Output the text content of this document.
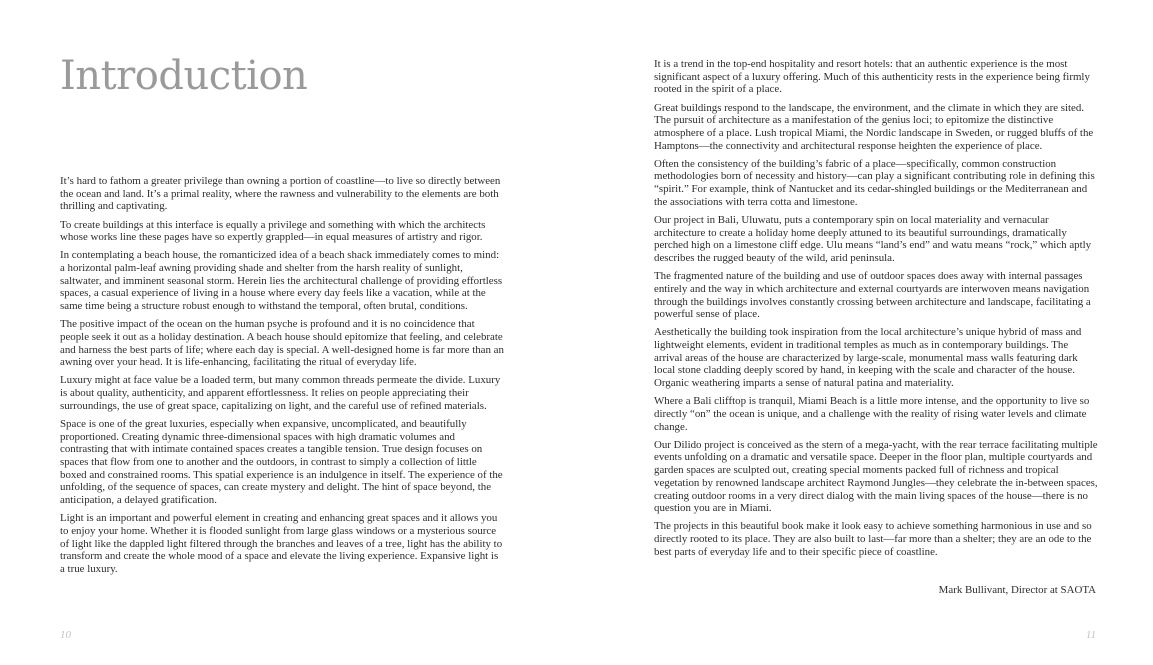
Introduction

It’s hard to fathom a greater privilege than owning a portion of coastline—to live so directly between the ocean and land. It’s a primal reality, where the rawness and vulnerability to the elements are both thrilling and captivating.

To create buildings at this interface is equally a privilege and something with which the architects whose works line these pages have so expertly grappled—in equal measures of artistry and rigor.

In contemplating a beach house, the romanticized idea of a beach shack immediately comes to mind: a horizontal palm-leaf awning providing shade and shelter from the harsh reality of sunlight, saltwater, and imminent seasonal storm. Herein lies the architectural challenge of providing effortless spaces, a casual experience of living in a house where every day feels like a vacation, while at the same time being a structure robust enough to withstand the temporal, often brutal, conditions.

The positive impact of the ocean on the human psyche is profound and it is no coincidence that people seek it out as a holiday destination. A beach house should epitomize that feeling, and celebrate and harness the best parts of life; where each day is special. A well-designed home is far more than an awning over your head. It is life-enhancing, facilitating the ritual of everyday life.

Luxury might at face value be a loaded term, but many common threads permeate the divide. Luxury is about quality, authenticity, and apparent effortlessness. It relies on people appreciating their surroundings, the use of great space, capitalizing on light, and the careful use of refined materials.

Space is one of the great luxuries, especially when expansive, uncomplicated, and beautifully proportioned. Creating dynamic three-dimensional spaces with high dramatic volumes and contrasting that with intimate contained spaces creates a tangible tension. True design focuses on spaces that flow from one to another and the outdoors, in contrast to simply a collection of little boxed and constrained rooms. This spatial experience is an indulgence in itself. The experience of the unfolding, of the sequence of spaces, can create mystery and delight. The hint of space beyond, the anticipation, a delayed gratification.

Light is an important and powerful element in creating and enhancing great spaces and it allows you to enjoy your home. Whether it is flooded sunlight from large glass windows or a mysterious source of light like the dappled light filtered through the branches and leaves of a tree, light has the ability to transform and create the whole mood of a space and elevate the living experience. Expansive light is a true luxury.

10

It is a trend in the top-end hospitality and resort hotels: that an authentic experience is the most significant aspect of a luxury offering. Much of this authenticity rests in the experience being firmly rooted in the spirit of a place.

Great buildings respond to the landscape, the environment, and the climate in which they are sited. The pursuit of architecture as a manifestation of the genius loci; to epitomize the distinctive atmosphere of a place. Lush tropical Miami, the Nordic landscape in Sweden, or rugged bluffs of the Hamptons—the connectivity and architectural response heighten the experience of place.

Often the consistency of the building’s fabric of a place—specifically, common construction methodologies born of necessity and history—can play a significant contributing role in defining this “spirit.” For example, think of Nantucket and its cedar-shingled buildings or the Mediterranean and the associations with terra cotta and limestone.

Our project in Bali, Uluwatu, puts a contemporary spin on local materiality and vernacular architecture to create a holiday home deeply attuned to its beautiful surroundings, dramatically perched high on a limestone cliff edge. Ulu means “land’s end” and watu means “rock,” which aptly describes the rugged beauty of the wild, arid peninsula.

The fragmented nature of the building and use of outdoor spaces does away with internal passages entirely and the way in which architecture and external courtyards are interwoven means navigation through the buildings involves constantly crossing between architecture and landscape, facilitating a powerful sense of place.

Aesthetically the building took inspiration from the local architecture’s unique hybrid of mass and lightweight elements, evident in traditional temples as much as in contemporary buildings. The arrival areas of the house are characterized by large-scale, monumental mass walls featuring dark local stone cladding deeply scored by hand, in keeping with the scale and character of the house. Organic weathering imparts a sense of natural patina and materiality.

Where a Bali clifftop is tranquil, Miami Beach is a little more intense, and the opportunity to live so directly “on” the ocean is unique, and a challenge with the reality of rising water levels and climate change.

Our Dilido project is conceived as the stern of a mega-yacht, with the rear terrace facilitating multiple events unfolding on a dramatic and versatile space. Deeper in the floor plan, multiple courtyards and garden spaces are sculpted out, creating special moments packed full of richness and tropical vegetation by renowned landscape architect Raymond Jungles—they celebrate the in-between spaces, creating outdoor rooms in a very direct dialog with the main living spaces of the house—there is no question you are in Miami.

The projects in this beautiful book make it look easy to achieve something harmonious in use and so directly rooted to its place. They are also built to last—far more than a shelter; they are an ode to the best parts of everyday life and to their specific piece of coastline.

Mark Bullivant, Director at SAOTA
11
